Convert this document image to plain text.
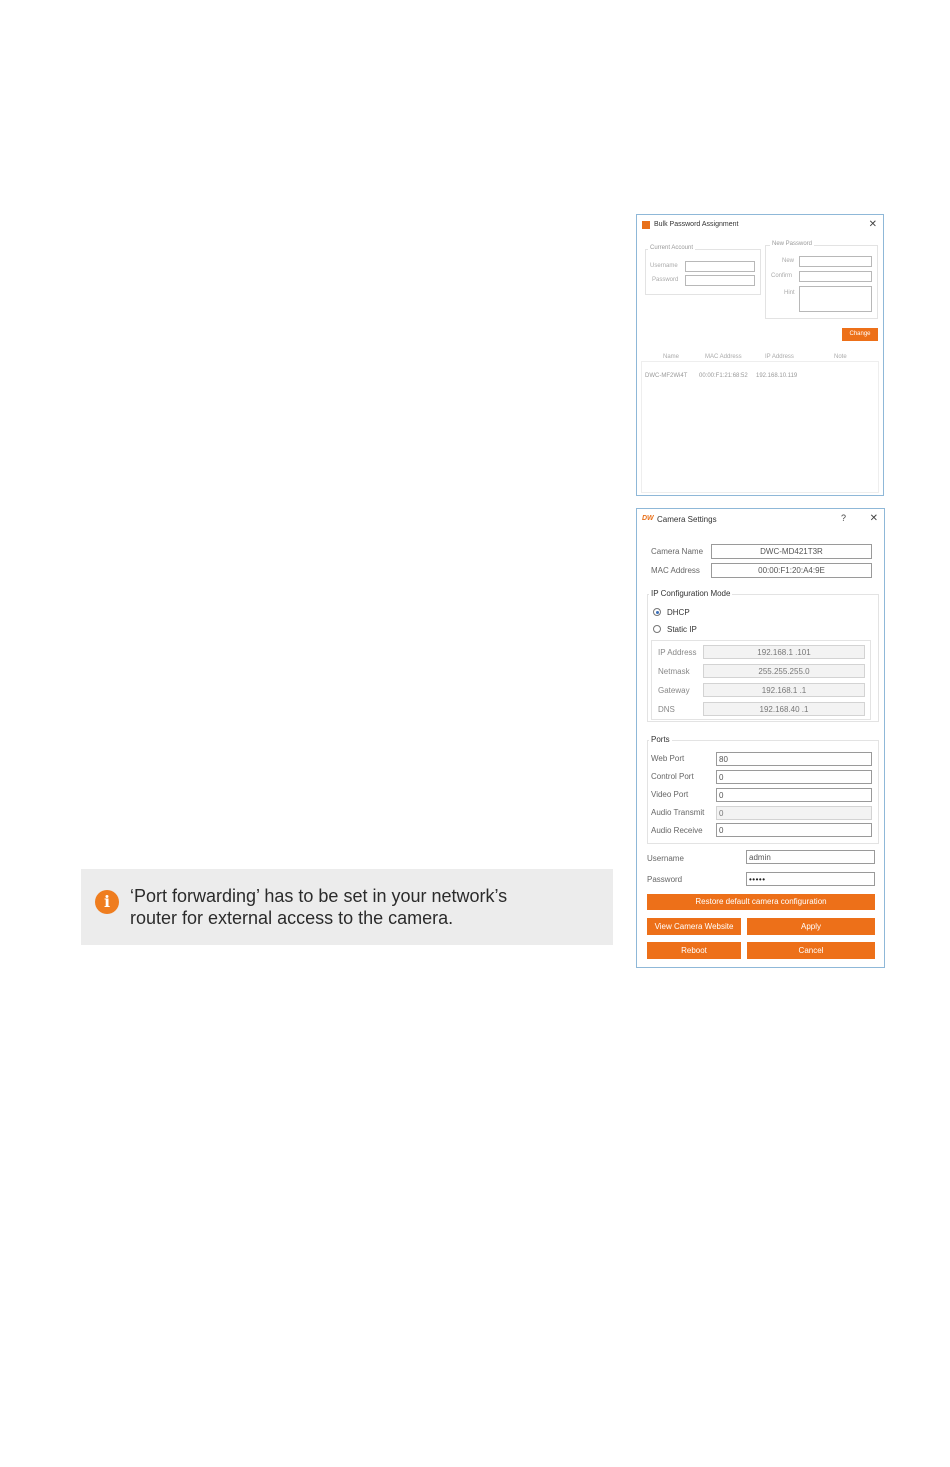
Bulk Password Assignment	✕
Current Account
Username
Password
New Password
New
Confirm
Hint
Change
Name	MAC Address	IP Address	Note
DWC-MF2Wi4T 00:00:F1:21:68:52 192.168.10.119
DW Camera Settings	? ✕
Camera Name	DWC-MD421T3R
MAC Address	00:00:F1:20:A4:9E
IP Configuration Mode
DHCP
Static IP
IP Address	192.168.1 .101
Netmask	255.255.255.0
Gateway	192.168.1 .1
DNS	192.168.40 .1
Ports
Web Port	80
Control Port	0
Video Port	0
Audio Transmit	0
Audio Receive	0
Username	admin
Password	•••••
Restore default camera configuration
View Camera Website	Apply
Reboot	Cancel
i	‘Port forwarding’ has to be set in your network’s
router for external access to the camera.
